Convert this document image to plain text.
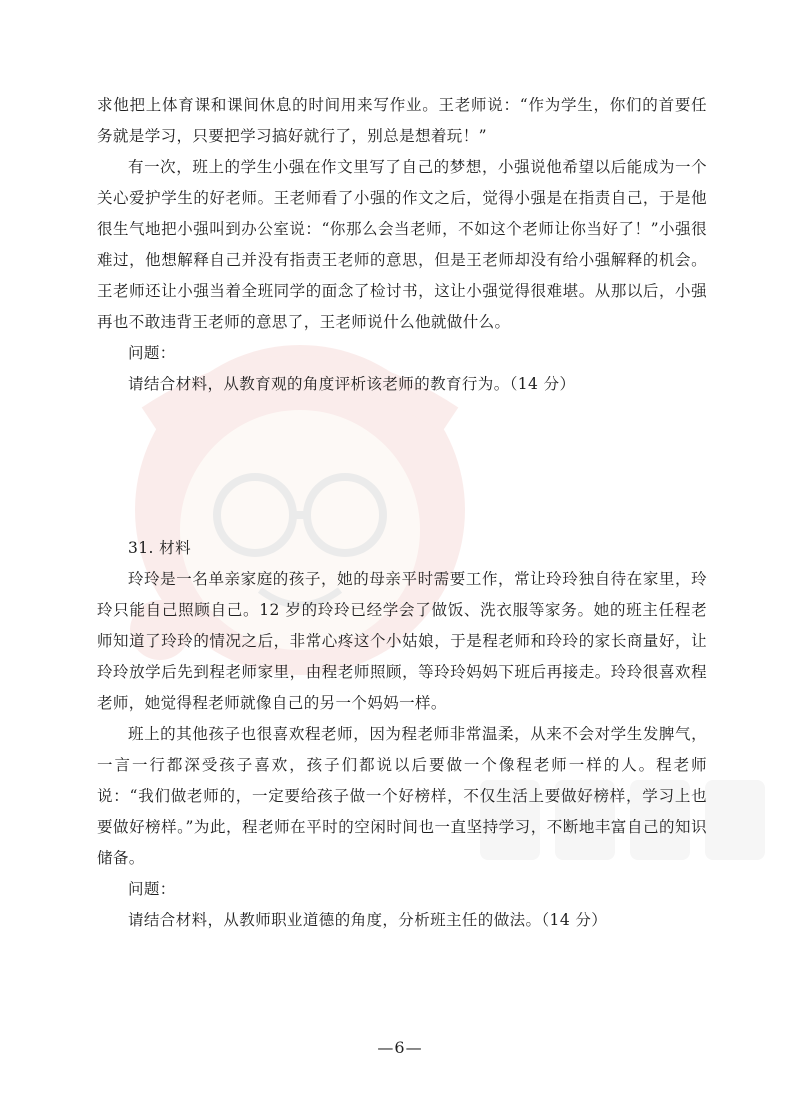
求他把上体育课和课间休息的时间用来写作业。王老师说：“作为学生，你们的首要任务就是学习，只要把学习搞好就行了，别总是想着玩！”

有一次，班上的学生小强在作文里写了自己的梦想，小强说他希望以后能成为一个关心爱护学生的好老师。王老师看了小强的作文之后，觉得小强是在指责自己，于是他很生气地把小强叫到办公室说：“你那么会当老师，不如这个老师让你当好了！”小强很难过，他想解释自己并没有指责王老师的意思，但是王老师却没有给小强解释的机会。王老师还让小强当着全班同学的面念了检讨书，这让小强觉得很难堪。从那以后，小强再也不敢违背王老师的意思了，王老师说什么他就做什么。

问题：

请结合材料，从教育观的角度评析该老师的教育行为。（14 分）

31. 材料

玲玲是一名单亲家庭的孩子，她的母亲平时需要工作，常让玲玲独自待在家里，玲玲只能自己照顾自己。12 岁的玲玲已经学会了做饭、洗衣服等家务。她的班主任程老师知道了玲玲的情况之后，非常心疼这个小姑娘，于是程老师和玲玲的家长商量好，让玲玲放学后先到程老师家里，由程老师照顾，等玲玲妈妈下班后再接走。玲玲很喜欢程老师，她觉得程老师就像自己的另一个妈妈一样。

班上的其他孩子也很喜欢程老师，因为程老师非常温柔，从来不会对学生发脾气，一言一行都深受孩子喜欢，孩子们都说以后要做一个像程老师一样的人。程老师说：“我们做老师的，一定要给孩子做一个好榜样，不仅生活上要做好榜样，学习上也要做好榜样。”为此，程老师在平时的空闲时间也一直坚持学习，不断地丰富自己的知识储备。

问题：

请结合材料，从教师职业道德的角度，分析班主任的做法。（14 分）

—6—
